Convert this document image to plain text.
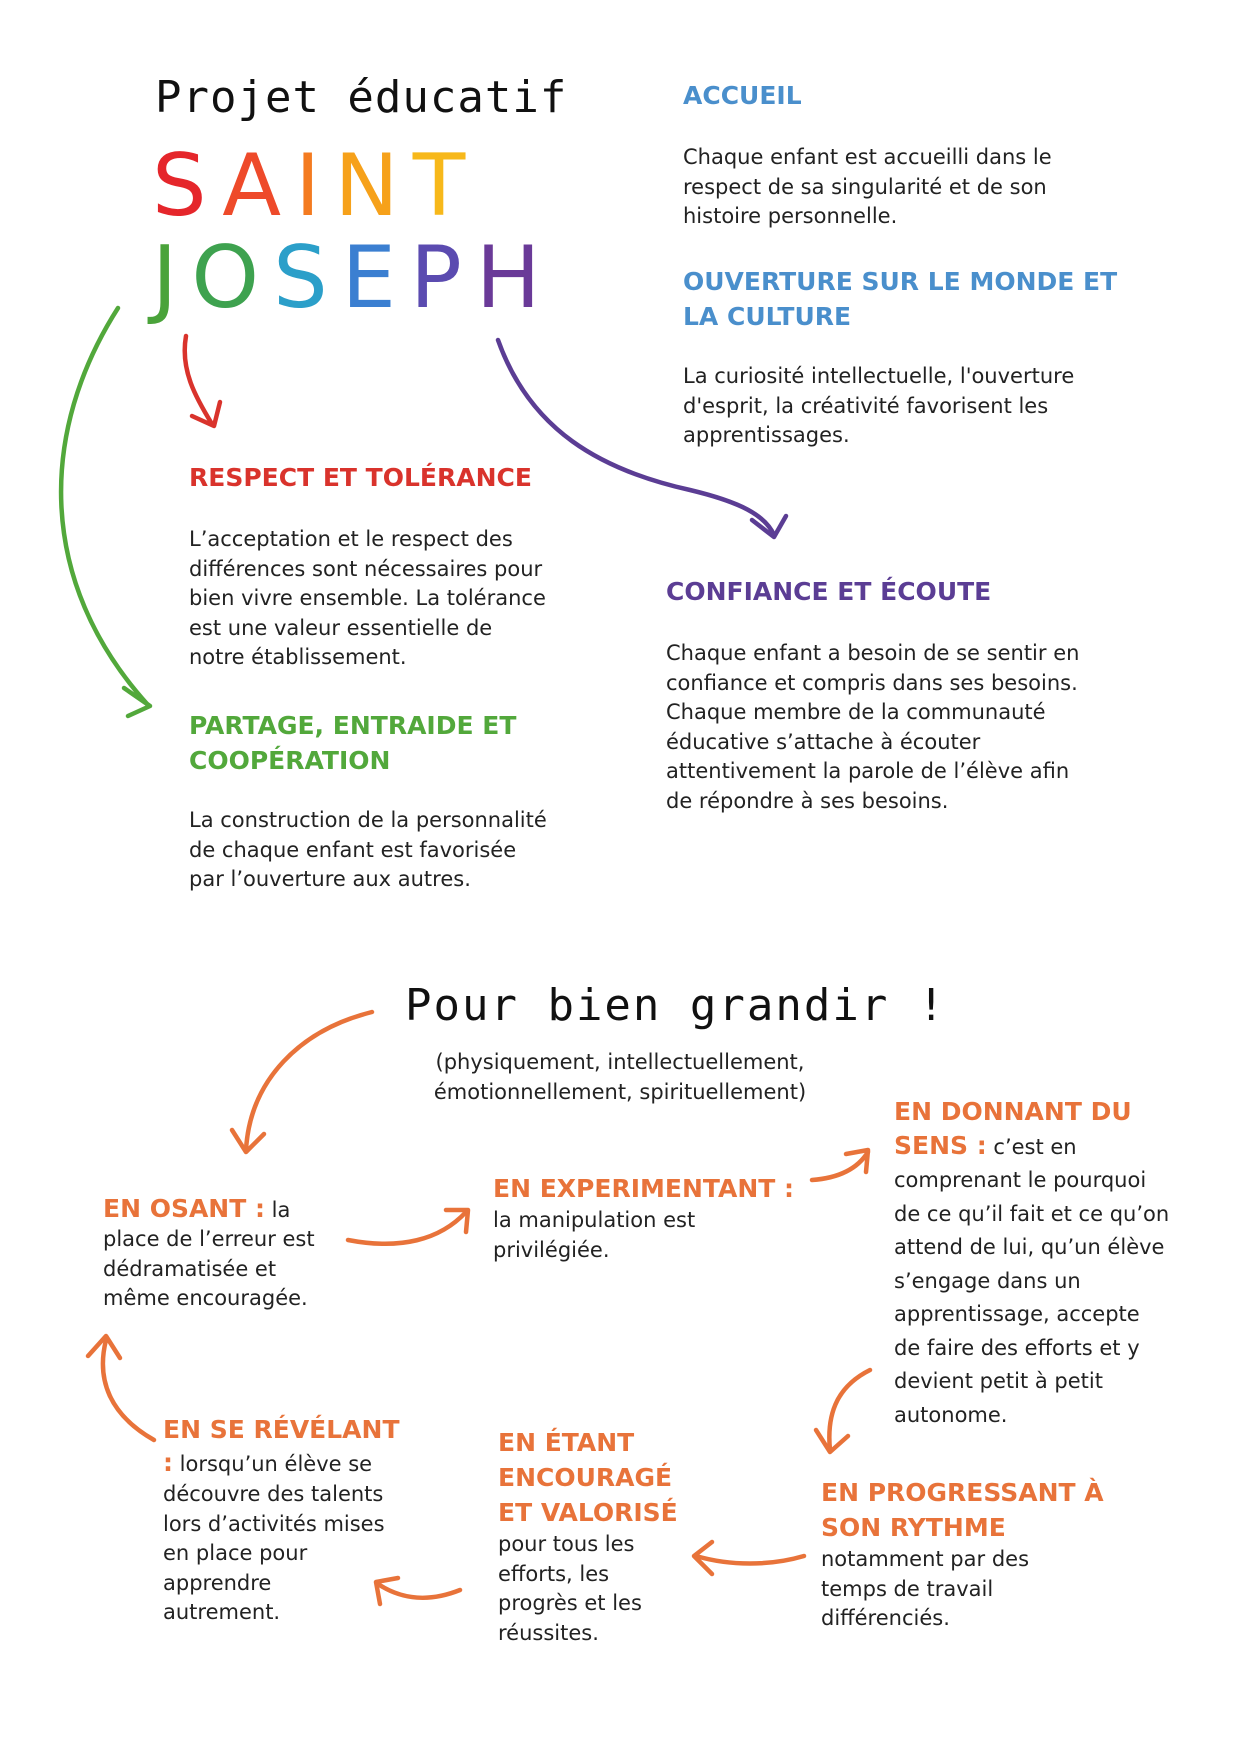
Projet éducatif
SAINT
JOSEPH

ACCUEIL

Chaque enfant est accueilli dans le

respect de sa singularité et de son

histoire personnelle.

OUVERTURE SUR LE MONDE ET

LA CULTURE

La curiosité intellectuelle, l'ouverture

d'esprit, la créativité favorisent les

apprentissages.

RESPECT ET TOLÉRANCE

L’acceptation et le respect des

différences sont nécessaires pour

bien vivre ensemble. La tolérance

est une valeur essentielle de

notre établissement.

CONFIANCE ET ÉCOUTE

Chaque enfant a besoin de se sentir en

confiance et compris dans ses besoins.

Chaque membre de la communauté

éducative s’attache à écouter

attentivement la parole de l’élève afin

de répondre à ses besoins.

PARTAGE, ENTRAIDE ET

COOPÉRATION

La construction de la personnalité

de chaque enfant est favorisée

par l’ouverture aux autres.

Pour bien grandir !

(physiquement, intellectuellement,

émotionnellement, spirituellement)

EN OSANT : la

place de l’erreur est

dédramatisée et

même encouragée.

EN EXPERIMENTANT :

la manipulation est

privilégiée.

EN DONNANT DU

SENS : c’est en

comprenant le pourquoi

de ce qu’il fait et ce qu’on

attend de lui, qu’un élève

s’engage dans un

apprentissage, accepte

de faire des efforts et y

devient petit à petit

autonome.

EN PROGRESSANT À

SON RYTHME

notamment par des

temps de travail

différenciés.

EN ÉTANT

ENCOURAGÉ

ET VALORISÉ

pour tous les

efforts, les

progrès et les

réussites.

EN SE RÉVÉLANT

: lorsqu’un élève se

découvre des talents

lors d’activités mises

en place pour

apprendre

autrement.
